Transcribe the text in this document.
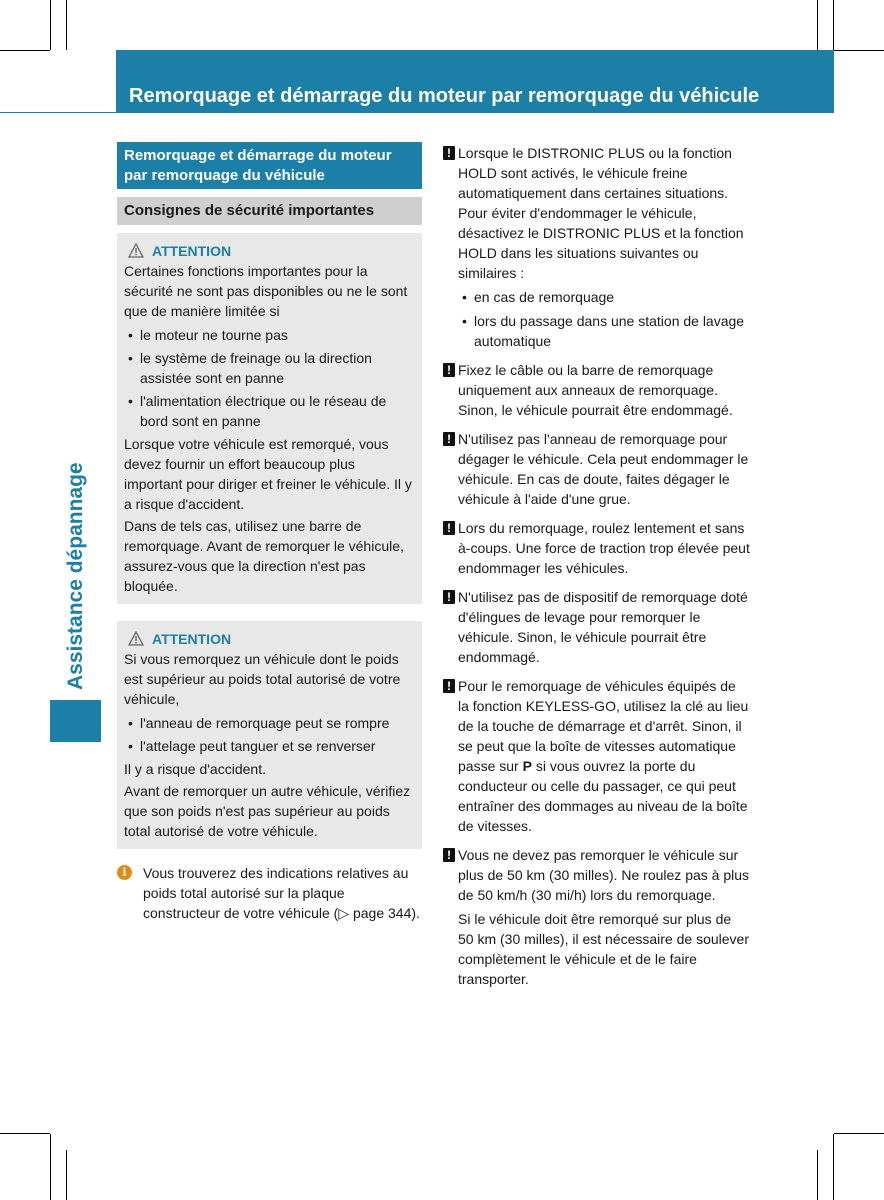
288 Remorquage et démarrage du moteur par remorquage du véhicule
Assistance dépannage
Remorquage et démarrage du moteur par remorquage du véhicule
Consignes de sécurité importantes
ATTENTION

Certaines fonctions importantes pour la sécurité ne sont pas disponibles ou ne le sont que de manière limitée si

• le moteur ne tourne pas
• le système de freinage ou la direction assistée sont en panne
• l'alimentation électrique ou le réseau de bord sont en panne

Lorsque votre véhicule est remorqué, vous devez fournir un effort beaucoup plus important pour diriger et freiner le véhicule. Il y a risque d'accident.

Dans de tels cas, utilisez une barre de remorquage. Avant de remorquer le véhicule, assurez-vous que la direction n'est pas bloquée.

ATTENTION

Si vous remorquez un véhicule dont le poids est supérieur au poids total autorisé de votre véhicule,

• l'anneau de remorquage peut se rompre
• l'attelage peut tanguer et se renverser

Il y a risque d'accident.

Avant de remorquer un autre véhicule, vérifiez que son poids n'est pas supérieur au poids total autorisé de votre véhicule.

i	Vous trouverez des indications relatives au poids total autorisé sur la plaque constructeur de votre véhicule (▷ page 344).
! Lorsque le DISTRONIC PLUS ou la fonction HOLD sont activés, le véhicule freine automatiquement dans certaines situations. Pour éviter d'endommager le véhicule, désactivez le DISTRONIC PLUS et la fonction HOLD dans les situations suivantes ou similaires :

• en cas de remorquage
• lors du passage dans une station de lavage automatique
! Fixez le câble ou la barre de remorquage uniquement aux anneaux de remorquage. Sinon, le véhicule pourrait être endommagé.

! N'utilisez pas l'anneau de remorquage pour dégager le véhicule. Cela peut endommager le véhicule. En cas de doute, faites dégager le véhicule à l'aide d'une grue.

! Lors du remorquage, roulez lentement et sans à-coups. Une force de traction trop élevée peut endommager les véhicules.

! N'utilisez pas de dispositif de remorquage doté d'élingues de levage pour remorquer le véhicule. Sinon, le véhicule pourrait être endommagé.

! Pour le remorquage de véhicules équipés de la fonction KEYLESS-GO, utilisez la clé au lieu de la touche de démarrage et d'arrêt. Sinon, il se peut que la boîte de vitesses automatique passe sur P si vous ouvrez la porte du conducteur ou celle du passager, ce qui peut entraîner des dommages au niveau de la boîte de vitesses.

! Vous ne devez pas remorquer le véhicule sur plus de 50 km (30 milles). Ne roulez pas à plus de 50 km/h (30 mi/h) lors du remorquage.

Si le véhicule doit être remorqué sur plus de 50 km (30 milles), il est nécessaire de soulever complètement le véhicule et de le faire transporter.
